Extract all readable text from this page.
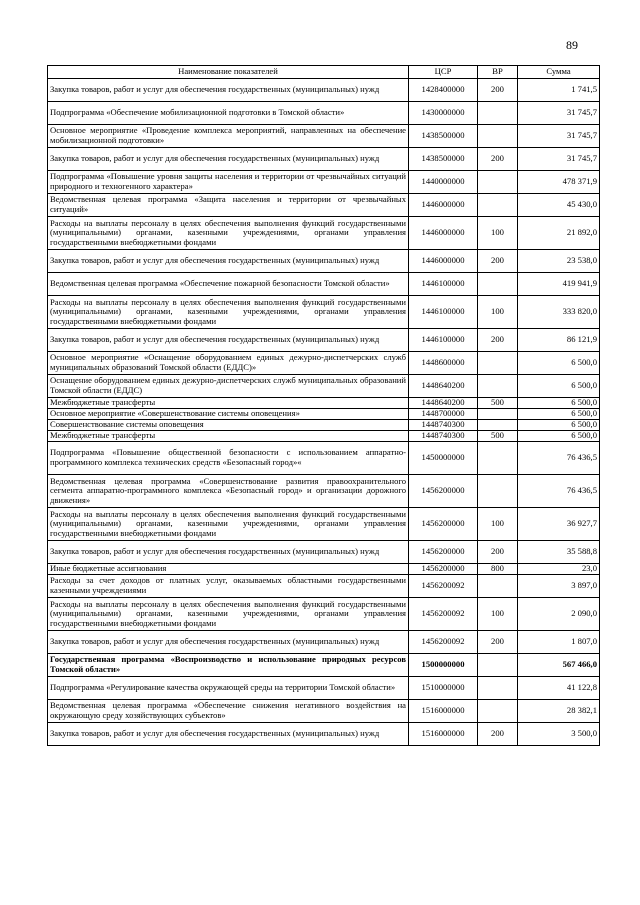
89
Наименование показателей	ЦСР	ВР	Сумма
Закупка товаров, работ и услуг для обеспечения государственных (муниципальных) нужд	1428400000	200	1 741,5
Подпрограмма «Обеспечение мобилизационной подготовки в Томской области»	1430000000		31 745,7
Основное мероприятие «Проведение комплекса мероприятий, направленных на обеспечение мобилизационной подготовки»	1438500000		31 745,7
Закупка товаров, работ и услуг для обеспечения государственных (муниципальных) нужд	1438500000	200	31 745,7
Подпрограмма «Повышение уровня защиты населения и территории от чрезвычайных ситуаций природного и техногенного характера»	1440000000		478 371,9
Ведомственная целевая программа «Защита населения и территории от чрезвычайных ситуаций»	1446000000		45 430,0
Расходы на выплаты персоналу в целях обеспечения выполнения функций государственными (муниципальными) органами, казенными учреждениями, органами управления государственными внебюджетными фондами	1446000000	100	21 892,0
Закупка товаров, работ и услуг для обеспечения государственных (муниципальных) нужд	1446000000	200	23 538,0
Ведомственная целевая программа «Обеспечение пожарной безопасности Томской области»	1446100000		419 941,9
Расходы на выплаты персоналу в целях обеспечения выполнения функций государственными (муниципальными) органами, казенными учреждениями, органами управления государственными внебюджетными фондами	1446100000	100	333 820,0
Закупка товаров, работ и услуг для обеспечения государственных (муниципальных) нужд	1446100000	200	86 121,9
Основное мероприятие «Оснащение оборудованием единых дежурно-диспетчерских служб муниципальных образований Томской области (ЕДДС)»	1448600000		6 500,0
Оснащение оборудованием единых дежурно-диспетчерских служб муниципальных образований Томской области (ЕДДС)	1448640200		6 500,0
Межбюджетные трансферты	1448640200	500	6 500,0
Основное мероприятие «Совершенствование системы оповещения»	1448700000		6 500,0
Совершенствование системы оповещения	1448740300		6 500,0
Межбюджетные трансферты	1448740300	500	6 500,0
Подпрограмма «Повышение общественной безопасности с использованием аппаратно-программного комплекса технических средств «Безопасный город»«	1450000000		76 436,5
Ведомственная целевая программа «Совершенствование развития правоохранительного сегмента аппаратно-программного комплекса «Безопасный город» и организации дорожного движения»	1456200000		76 436,5
Расходы на выплаты персоналу в целях обеспечения выполнения функций государственными (муниципальными) органами, казенными учреждениями, органами управления государственными внебюджетными фондами	1456200000	100	36 927,7
Закупка товаров, работ и услуг для обеспечения государственных (муниципальных) нужд	1456200000	200	35 588,8
Иные бюджетные ассигнования	1456200000	800	23,0
Расходы за счет доходов от платных услуг, оказываемых областными государственными казенными учреждениями	1456200092		3 897,0
Расходы на выплаты персоналу в целях обеспечения выполнения функций государственными (муниципальными) органами, казенными учреждениями, органами управления государственными внебюджетными фондами	1456200092	100	2 090,0
Закупка товаров, работ и услуг для обеспечения государственных (муниципальных) нужд	1456200092	200	1 807,0
Государственная программа «Воспроизводство и использование природных ресурсов Томской области»	1500000000		567 466,0
Подпрограмма «Регулирование качества окружающей среды на территории Томской области»	1510000000		41 122,8
Ведомственная целевая программа «Обеспечение снижения негативного воздействия на окружающую среду хозяйствующих субъектов»	1516000000		28 382,1
Закупка товаров, работ и услуг для обеспечения государственных (муниципальных) нужд	1516000000	200	3 500,0
